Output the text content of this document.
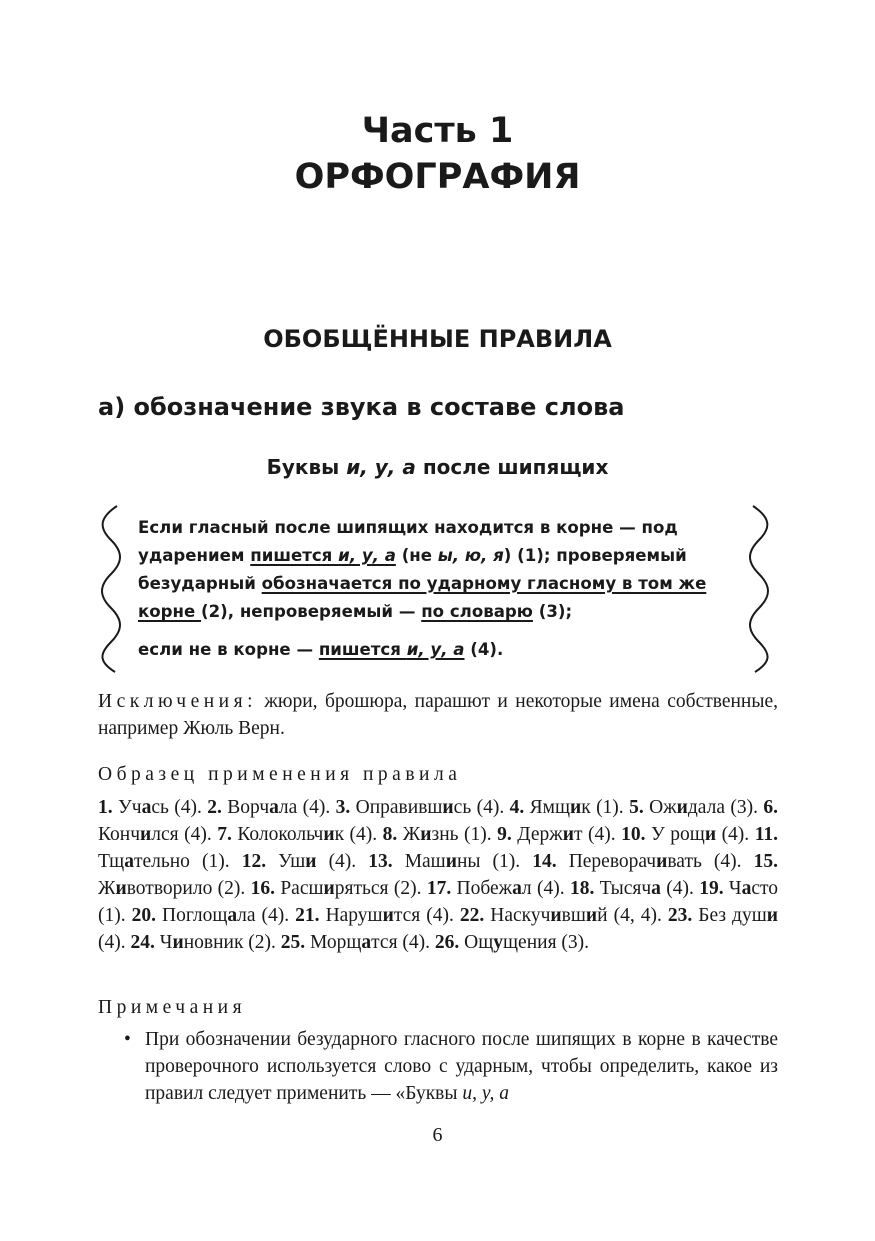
Часть 1
ОРФОГРАФИЯ
ОБОБЩЁННЫЕ ПРАВИЛА
а) обозначение звука в составе слова
Буквы и, у, а после шипящих
Если гласный после шипящих находится в корне — под
ударением пишется и, у, а (не ы, ю, я) (1); проверяемый
безударный обозначается по ударному гласному в том же
корне (2), непроверяемый — по словарю (3);
если не в корне — пишется и, у, а (4).
Исключения: жюри, брошюра, парашют и некоторые имена собственные, например Жюль Верн.
Образец применения правила
1. Учась (4). 2. Ворчала (4). 3. Оправившись (4). 4. Ямщик (1). 5. Ожидала (3). 6. Кончился (4). 7. Колокольчик (4). 8. Жизнь (1). 9. Держит (4). 10. У рощи (4). 11. Тщательно (1). 12. Уши (4). 13. Машины (1). 14. Переворачивать (4). 15. Животворило (2). 16. Расширяться (2). 17. Побежал (4). 18. Тысяча (4). 19. Часто (1). 20. Поглощала (4). 21. Нарушится (4). 22. Наскучивший (4, 4). 23. Без души (4). 24. Чиновник (2). 25. Морщатся (4). 26. Ощущения (3).
Примечания
• При обозначении безударного гласного после шипящих в корне в качестве проверочного используется слово с ударным, чтобы определить, какое из правил следует применить — «Буквы и, у, а
6
